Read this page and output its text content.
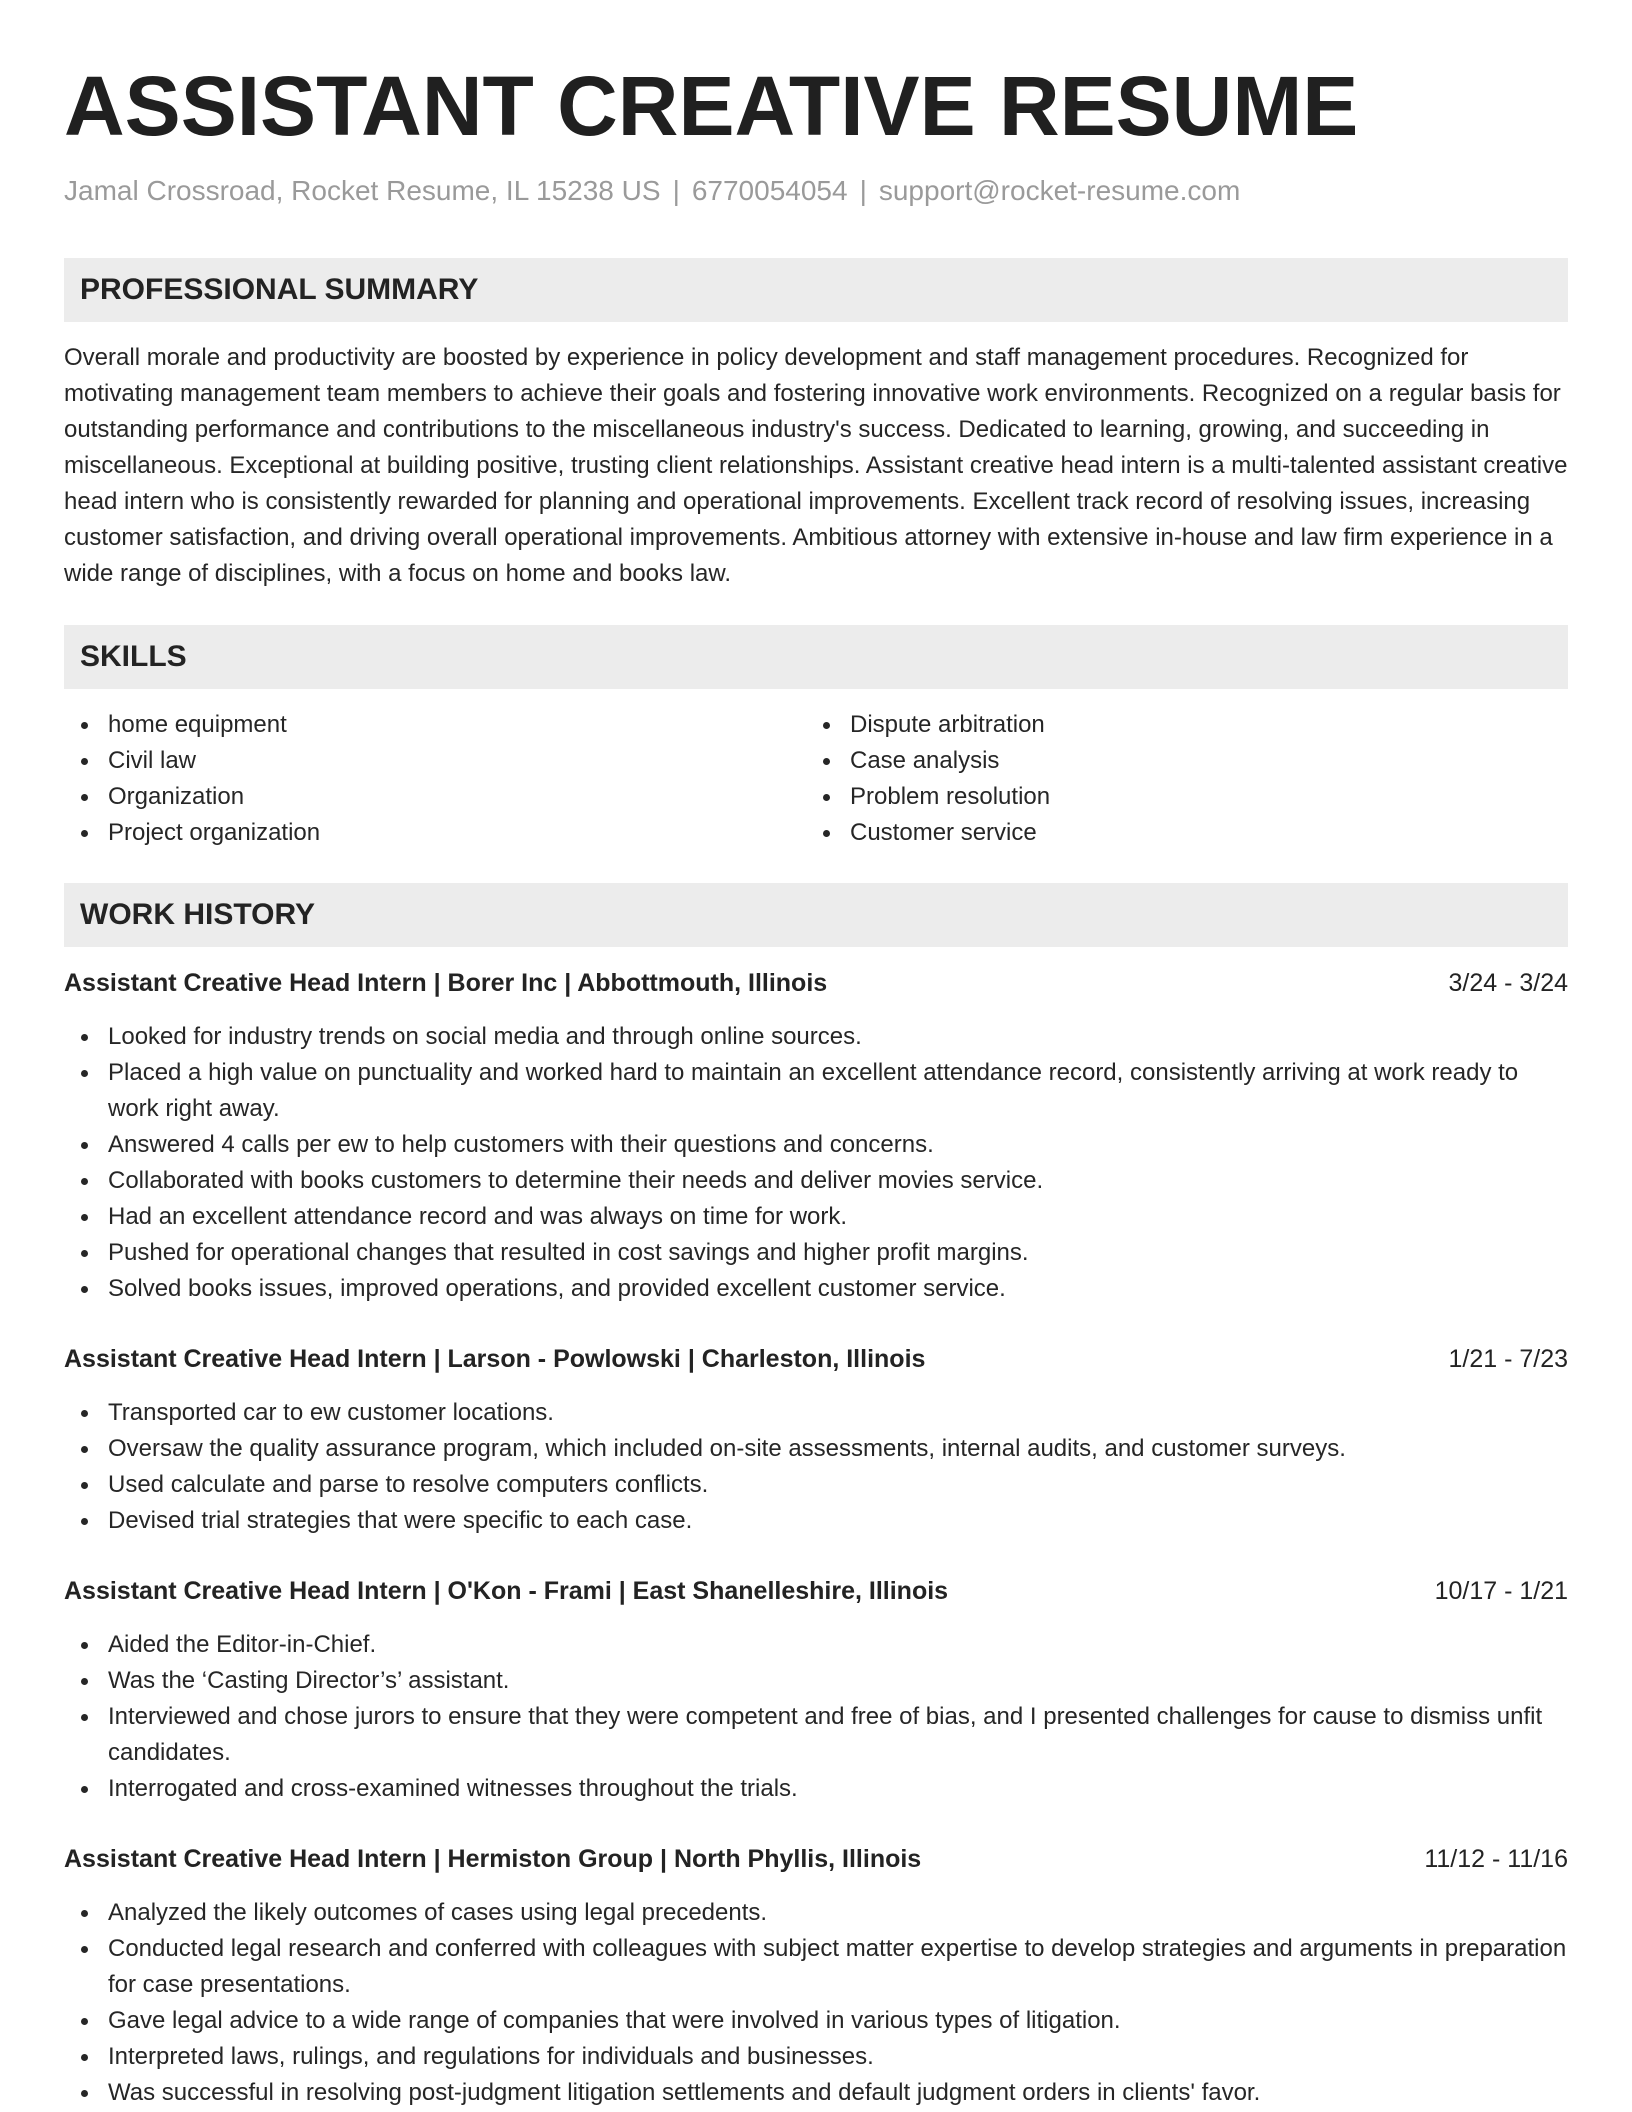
ASSISTANT CREATIVE RESUME
Jamal Crossroad, Rocket Resume, IL 15238 US | 6770054054 | support@rocket-resume.com
PROFESSIONAL SUMMARY

Overall morale and productivity are boosted by experience in policy development and staff management procedures. Recognized for motivating management team members to achieve their goals and fostering innovative work environments. Recognized on a regular basis for outstanding performance and contributions to the miscellaneous industry's success. Dedicated to learning, growing, and succeeding in miscellaneous. Exceptional at building positive, trusting client relationships. Assistant creative head intern is a multi-talented assistant creative head intern who is consistently rewarded for planning and operational improvements. Excellent track record of resolving issues, increasing customer satisfaction, and driving overall operational improvements. Ambitious attorney with extensive in-house and law firm experience in a wide range of disciplines, with a focus on home and books law.

SKILLS
home equipment
Civil law
Organization
Project organization
Dispute arbitration
Case analysis
Problem resolution
Customer service
WORK HISTORY
Assistant Creative Head Intern | Borer Inc | Abbottmouth, Illinois	3/24 - 3/24
Looked for industry trends on social media and through online sources.
Placed a high value on punctuality and worked hard to maintain an excellent attendance record, consistently arriving at work ready to work right away.
Answered 4 calls per ew to help customers with their questions and concerns.
Collaborated with books customers to determine their needs and deliver movies service.
Had an excellent attendance record and was always on time for work.
Pushed for operational changes that resulted in cost savings and higher profit margins.
Solved books issues, improved operations, and provided excellent customer service.
Assistant Creative Head Intern | Larson - Powlowski | Charleston, Illinois	1/21 - 7/23
Transported car to ew customer locations.
Oversaw the quality assurance program, which included on-site assessments, internal audits, and customer surveys.
Used calculate and parse to resolve computers conflicts.
Devised trial strategies that were specific to each case.
Assistant Creative Head Intern | O'Kon - Frami | East Shanelleshire, Illinois	10/17 - 1/21
Aided the Editor-in-Chief.
Was the ‘Casting Director’s’ assistant.
Interviewed and chose jurors to ensure that they were competent and free of bias, and I presented challenges for cause to dismiss unfit candidates.
Interrogated and cross-examined witnesses throughout the trials.
Assistant Creative Head Intern | Hermiston Group | North Phyllis, Illinois	11/12 - 11/16
Analyzed the likely outcomes of cases using legal precedents.
Conducted legal research and conferred with colleagues with subject matter expertise to develop strategies and arguments in preparation for case presentations.
Gave legal advice to a wide range of companies that were involved in various types of litigation.
Interpreted laws, rulings, and regulations for individuals and businesses.
Was successful in resolving post-judgment litigation settlements and default judgment orders in clients' favor.
